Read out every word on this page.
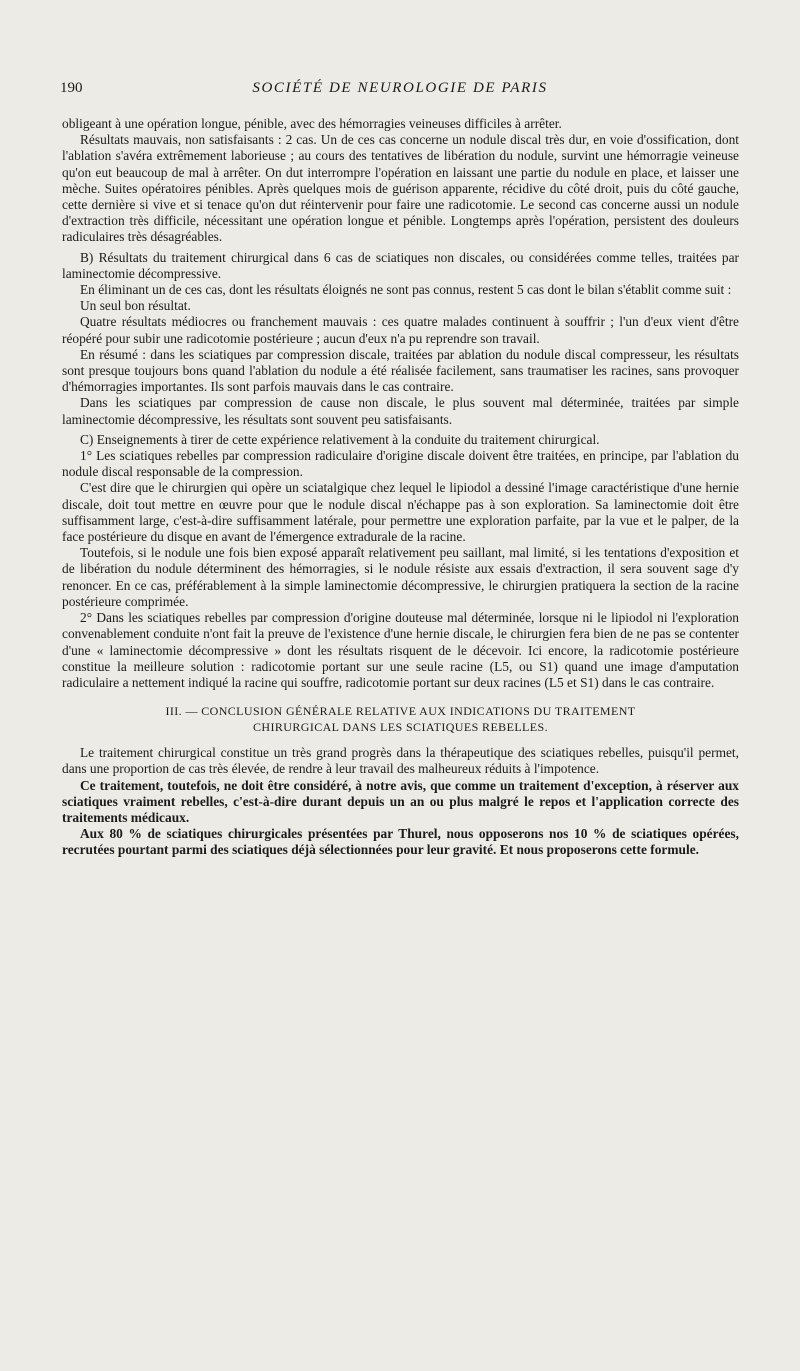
190	SOCIÉTÉ DE NEUROLOGIE DE PARIS

obligeant à une opération longue, pénible, avec des hémorragies veineuses difficiles à arrêter.

Résultats mauvais, non satisfaisants : 2 cas. Un de ces cas concerne un nodule discal très dur, en voie d'ossification, dont l'ablation s'avéra extrêmement laborieuse ; au cours des tentatives de libération du nodule, survint une hémorragie veineuse qu'on eut beaucoup de mal à arrêter. On dut interrompre l'opération en laissant une partie du nodule en place, et laisser une mèche. Suites opératoires pénibles. Après quelques mois de guérison apparente, récidive du côté droit, puis du côté gauche, cette dernière si vive et si tenace qu'on dut réintervenir pour faire une radicotomie. Le second cas concerne aussi un nodule d'extraction très difficile, nécessitant une opération longue et pénible. Longtemps après l'opération, persistent des douleurs radiculaires très désagréables.

B) Résultats du traitement chirurgical dans 6 cas de sciatiques non discales, ou considérées comme telles, traitées par laminectomie décompressive.

En éliminant un de ces cas, dont les résultats éloignés ne sont pas connus, restent 5 cas dont le bilan s'établit comme suit :

Un seul bon résultat.

Quatre résultats médiocres ou franchement mauvais : ces quatre malades continuent à souffrir ; l'un d'eux vient d'être réopéré pour subir une radicotomie postérieure ; aucun d'eux n'a pu reprendre son travail.

En résumé : dans les sciatiques par compression discale, traitées par ablation du nodule discal compresseur, les résultats sont presque toujours bons quand l'ablation du nodule a été réalisée facilement, sans traumatiser les racines, sans provoquer d'hémorragies importantes. Ils sont parfois mauvais dans le cas contraire.

Dans les sciatiques par compression de cause non discale, le plus souvent mal déterminée, traitées par simple laminectomie décompressive, les résultats sont souvent peu satisfaisants.

C) Enseignements à tirer de cette expérience relativement à la conduite du traitement chirurgical.

1° Les sciatiques rebelles par compression radiculaire d'origine discale doivent être traitées, en principe, par l'ablation du nodule discal responsable de la compression.

C'est dire que le chirurgien qui opère un sciatalgique chez lequel le lipiodol a dessiné l'image caractéristique d'une hernie discale, doit tout mettre en œuvre pour que le nodule discal n'échappe pas à son exploration. Sa laminectomie doit être suffisamment large, c'est-à-dire suffisamment latérale, pour permettre une exploration parfaite, par la vue et le palper, de la face postérieure du disque en avant de l'émergence extradurale de la racine.

Toutefois, si le nodule une fois bien exposé apparaît relativement peu saillant, mal limité, si les tentations d'exposition et de libération du nodule déterminent des hémorragies, si le nodule résiste aux essais d'extraction, il sera souvent sage d'y renoncer. En ce cas, préférablement à la simple laminectomie décompressive, le chirurgien pratiquera la section de la racine postérieure comprimée.

2° Dans les sciatiques rebelles par compression d'origine douteuse mal déterminée, lorsque ni le lipiodol ni l'exploration convenablement conduite n'ont fait la preuve de l'existence d'une hernie discale, le chirurgien fera bien de ne pas se contenter d'une « laminectomie décompressive » dont les résultats risquent de le décevoir. Ici encore, la radicotomie postérieure constitue la meilleure solution : radicotomie portant sur une seule racine (L5, ou S1) quand une image d'amputation radiculaire a nettement indiqué la racine qui souffre, radicotomie portant sur deux racines (L5 et S1) dans le cas contraire.

III. — CONCLUSION GÉNÉRALE RELATIVE AUX INDICATIONS DU TRAITEMENT
CHIRURGICAL DANS LES SCIATIQUES REBELLES.

Le traitement chirurgical constitue un très grand progrès dans la thérapeutique des sciatiques rebelles, puisqu'il permet, dans une proportion de cas très élevée, de rendre à leur travail des malheureux réduits à l'impotence.

Ce traitement, toutefois, ne doit être considéré, à notre avis, que comme un traitement d'exception, à réserver aux sciatiques vraiment rebelles, c'est-à-dire durant depuis un an ou plus malgré le repos et l'application correcte des traitements médicaux.

Aux 80 % de sciatiques chirurgicales présentées par Thurel, nous opposerons nos 10 % de sciatiques opérées, recrutées pourtant parmi des sciatiques déjà sélectionnées pour leur gravité. Et nous proposerons cette formule.
